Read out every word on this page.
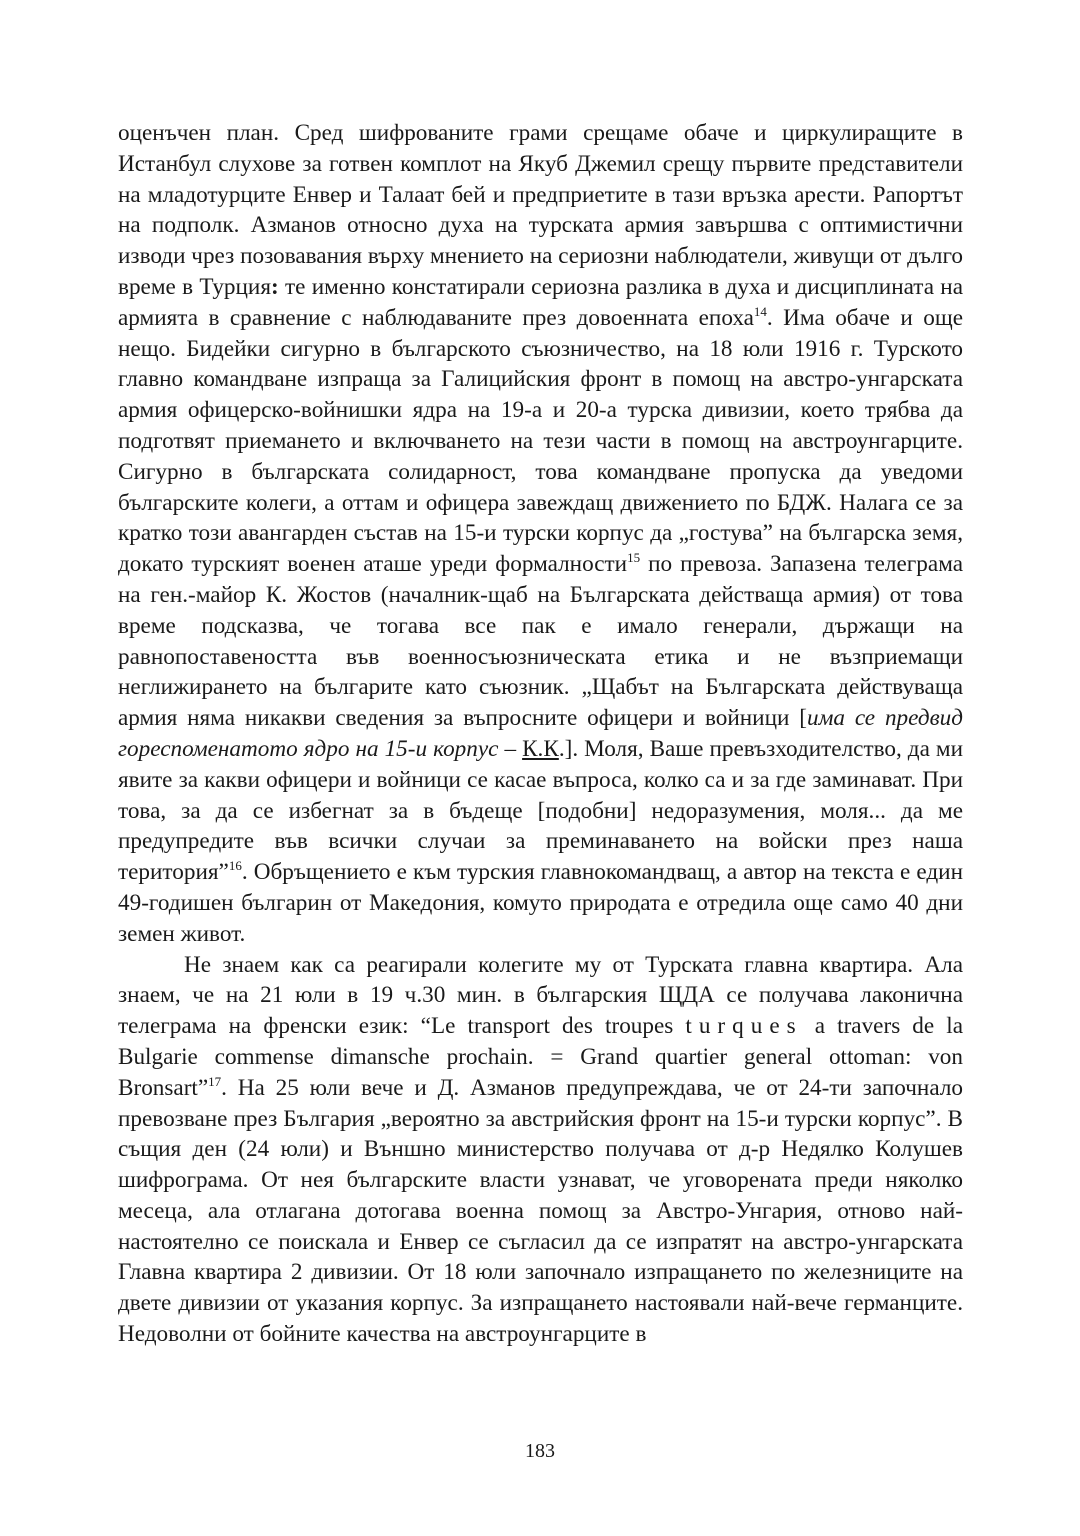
оценъчен план. Сред шифрованите грами срещаме обаче и циркулиращите в Истанбул слухове за готвен комплот на Якуб Джемил срещу първите представители на младотурците Енвер и Талаат бей и предприетите в тази връзка арести. Рапортът на подполк. Азманов относно духа на турската армия завършва с оптимистични изводи чрез позовавания върху мнението на сериозни наблюдатели, живущи от дълго време в Турция: те именно констатирали сериозна разлика в духа и дисциплината на армията в сравнение с наблюдаваните през довоенната епоха$^{14}$. Има обаче и още нещо. Бидейки сигурно в българското съюзничество, на 18 юли 1916 г. Турското главно командване изпраща за Галицийския фронт в помощ на австро-унгарската армия офицерско-войнишки ядра на 19-а и 20-а турска дивизии, което трябва да подготвят приемането и включването на тези части в помощ на австроунгарците. Сигурно в българската солидарност, това командване пропуска да уведоми българските колеги, а оттам и офицера завеждащ движението по БДЖ. Налага се за кратко този авангарден състав на 15-и турски корпус да „гостува” на българска земя, докато турският военен аташе уреди формалности$^{15}$ по превоза. Запазена телеграма на ген.-майор К. Жостов (началник-щаб на Българската действаща армия) от това време подсказва, че тогава все пак е имало генерали, държащи на равнопоставеността във военносъюзническата етика и не възприемащи неглижирането на българите като съюзник. „Щабът на Българската действуваща армия няма никакви сведения за въпросните офицери и войници [има се предвид гореспоменатото ядро на 15-и корпус – К.К.]. Моля, Ваше превъзходителство, да ми явите за какви офицери и войници се касае въпроса, колко са и за где заминават. При това, за да се избегнат за в бъдеще [подобни] недоразумения, моля... да ме предупредите във всички случаи за преминаването на войски през наша територия”$^{16}$. Обръщението е към турския главнокомандващ, а автор на текста е един 49-годишен българин от Македония, комуто природата е отредила още само 40 дни земен живот.

Не знаем как са реагирали колегите му от Турската главна квартира. Ала знаем, че на 21 юли в 19 ч.30 мин. в българския ЩДА се получава лаконична телеграма на френски език: “Le transport des troupes turques a travers de la Bulgarie commense dimansche prochain. = Grand quartier general ottoman: von Bronsart”$^{17}$. На 25 юли вече и Д. Азманов предупреждава, че от 24-ти започнало превозване през България „вероятно за австрийския фронт на 15-и турски корпус”. В същия ден (24 юли) и Външно министерство получава от д-р Недялко Колушев шифрограма. От нея българските власти узнават, че уговорената преди няколко месеца, ала отлагана дотогава военна помощ за Австро-Унгария, отново най-настоятелно се поискала и Енвер се съгласил да се изпратят на австро-унгарската Главна квартира 2 дивизии. От 18 юли започнало изпращането по железниците на двете дивизии от указания корпус. За изпращането настоявали най-вече германците. Недоволни от бойните качества на австроунгарците в

183
